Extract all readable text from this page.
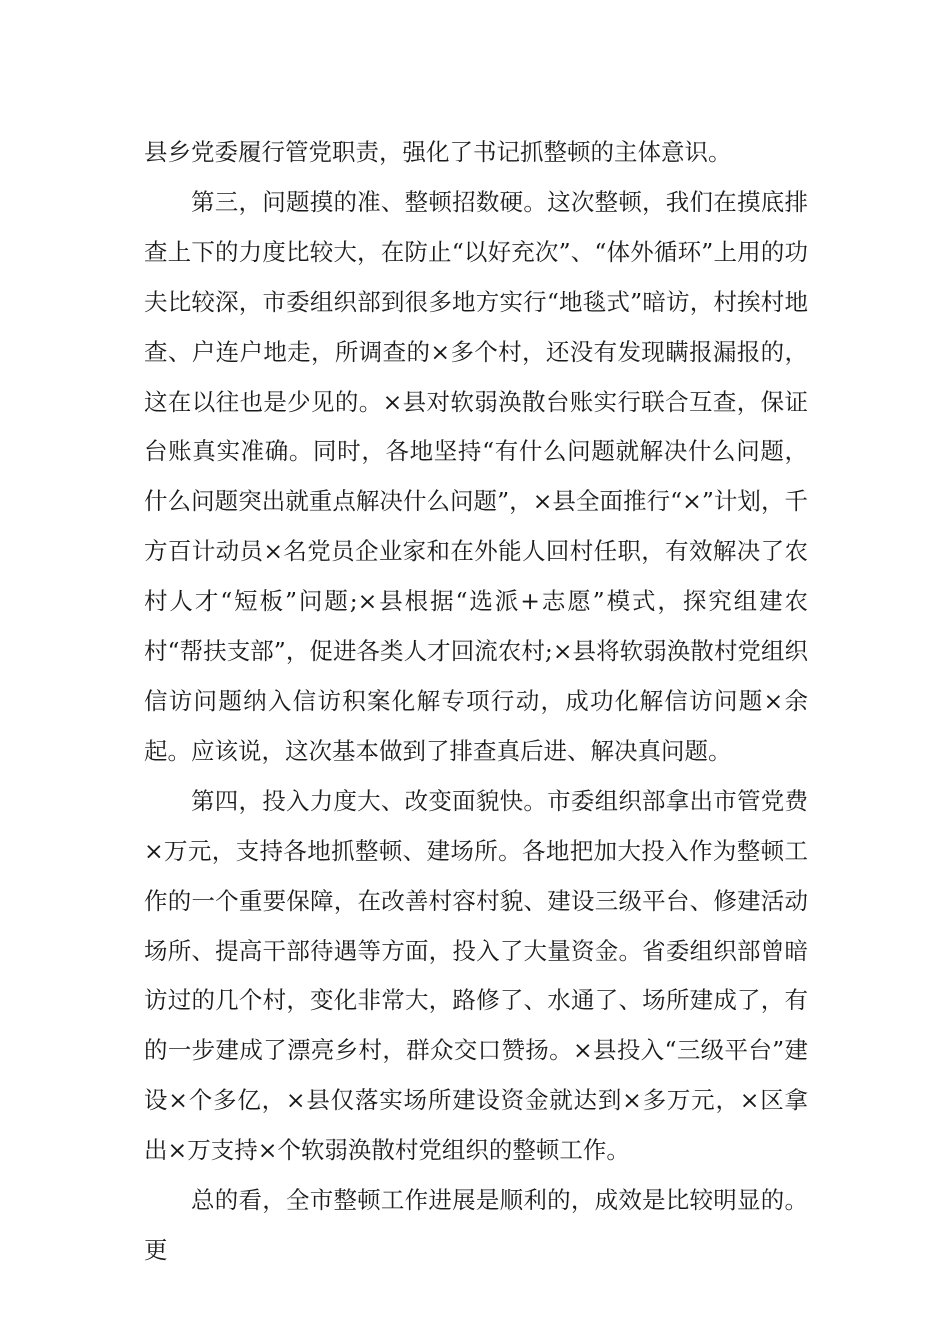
县乡党委履行管党职责，强化了书记抓整顿的主体意识。

第三，问题摸的准、整顿招数硬。这次整顿，我们在摸底排查上下的力度比较大，在防止“以好充次”、“体外循环”上用的功夫比较深，市委组织部到很多地方实行“地毯式”暗访，村挨村地查、户连户地走，所调查的×多个村，还没有发现瞒报漏报的，这在以往也是少见的。×县对软弱涣散台账实行联合互查，保证台账真实准确。同时，各地坚持“有什么问题就解决什么问题，什么问题突出就重点解决什么问题”，×县全面推行“×”计划，千方百计动员×名党员企业家和在外能人回村任职，有效解决了农村人才“短板”问题;×县根据“选派+志愿”模式，探究组建农村“帮扶支部”，促进各类人才回流农村;×县将软弱涣散村党组织信访问题纳入信访积案化解专项行动，成功化解信访问题×余起。应该说，这次基本做到了排查真后进、解决真问题。

第四，投入力度大、改变面貌快。市委组织部拿出市管党费×万元，支持各地抓整顿、建场所。各地把加大投入作为整顿工作的一个重要保障，在改善村容村貌、建设三级平台、修建活动场所、提高干部待遇等方面，投入了大量资金。省委组织部曾暗访过的几个村，变化非常大，路修了、水通了、场所建成了，有的一步建成了漂亮乡村，群众交口赞扬。×县投入“三级平台”建设×个多亿，×县仅落实场所建设资金就达到×多万元，×区拿出×万支持×个软弱涣散村党组织的整顿工作。

总的看，全市整顿工作进展是顺利的，成效是比较明显的。更
